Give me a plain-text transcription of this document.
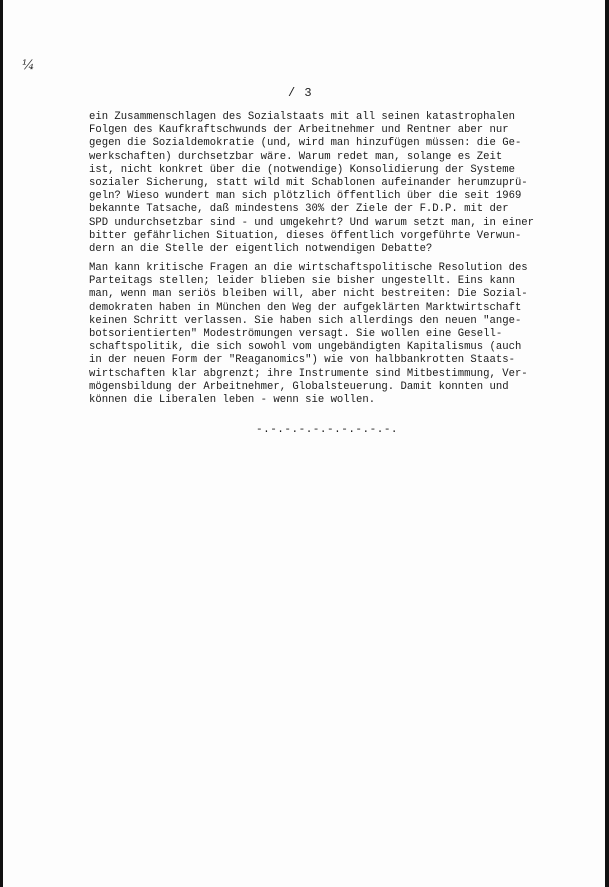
¼
/ 3

ein Zusammenschlagen des Sozialstaats mit all seinen katastrophalen
Folgen des Kaufkraftschwunds der Arbeitnehmer und Rentner aber nur
gegen die Sozialdemokratie (und, wird man hinzufügen müssen: die Ge-
werkschaften) durchsetzbar wäre. Warum redet man, solange es Zeit
ist, nicht konkret über die (notwendige) Konsolidierung der Systeme
sozialer Sicherung, statt wild mit Schablonen aufeinander herumzuprü-
geln? Wieso wundert man sich plötzlich öffentlich über die seit 1969
bekannte Tatsache, daß mindestens 30% der Ziele der F.D.P. mit der
SPD undurchsetzbar sind - und umgekehrt? Und warum setzt man, in einer
bitter gefährlichen Situation, dieses öffentlich vorgeführte Verwun-
dern an die Stelle der eigentlich notwendigen Debatte?

Man kann kritische Fragen an die wirtschaftspolitische Resolution des
Parteitags stellen; leider blieben sie bisher ungestellt. Eins kann
man, wenn man seriös bleiben will, aber nicht bestreiten: Die Sozial-
demokraten haben in München den Weg der aufgeklärten Marktwirtschaft
keinen Schritt verlassen. Sie haben sich allerdings den neuen "ange-
botsorientierten" Modeströmungen versagt. Sie wollen eine Gesell-
schaftspolitik, die sich sowohl vom ungebändigten Kapitalismus (auch
in der neuen Form der "Reaganomics") wie von halbbankrotten Staats-
wirtschaften klar abgrenzt; ihre Instrumente sind Mitbestimmung, Ver-
mögensbildung der Arbeitnehmer, Globalsteuerung. Damit konnten und
können die Liberalen leben - wenn sie wollen.

-.-.-.-.-.-.-.-.-.-.
